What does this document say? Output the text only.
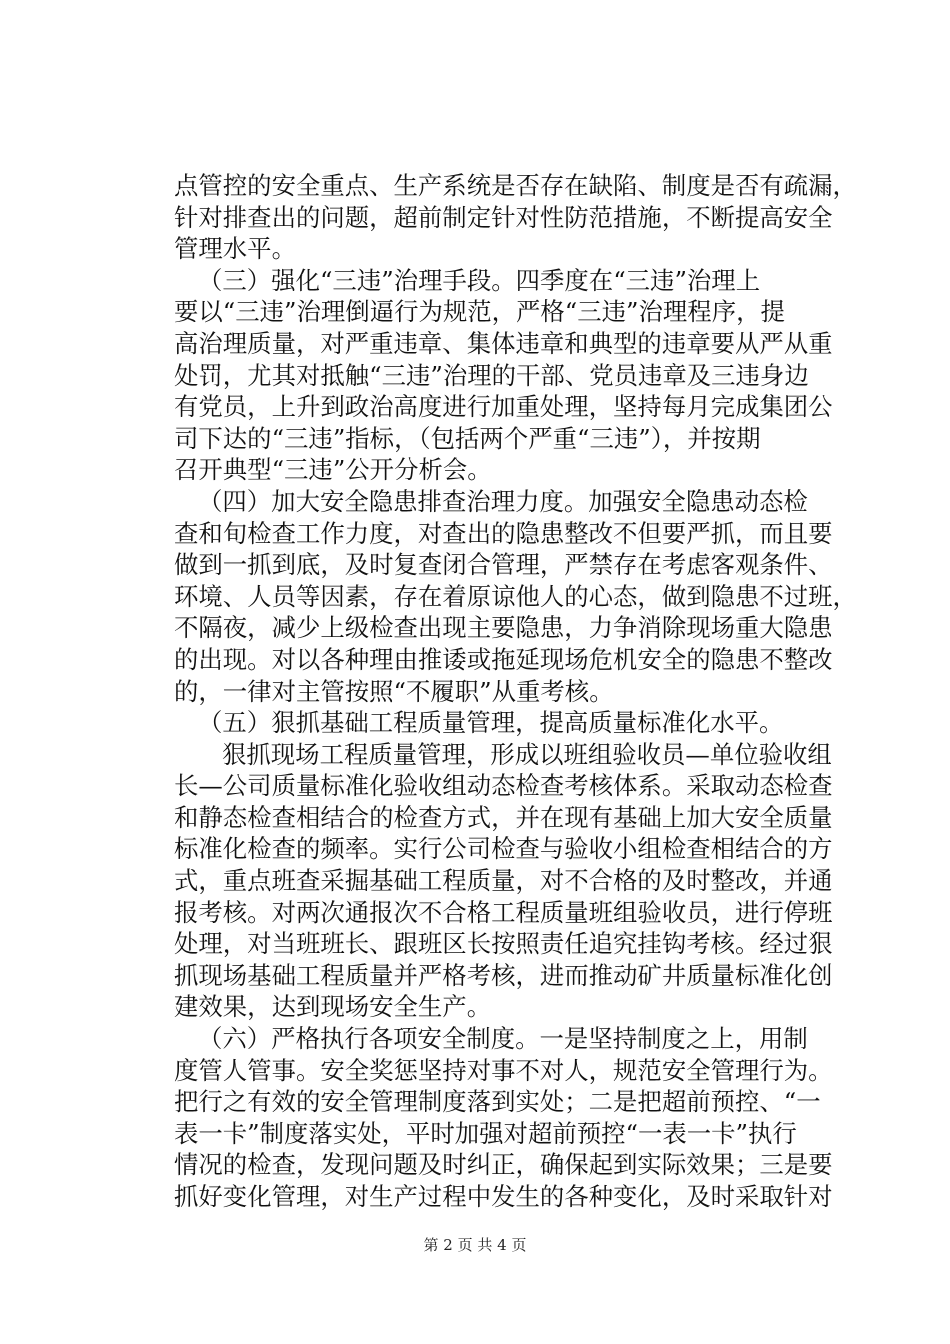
点管控的安全重点、生产系统是否存在缺陷、制度是否有疏漏，
针对排查出的问题，超前制定针对性防范措施，不断提高安全
管理水平。
（三）强化“三违”治理手段。四季度在“三违”治理上
要以“三违”治理倒逼行为规范，严格“三违”治理程序，提
高治理质量，对严重违章、集体违章和典型的违章要从严从重
处罚，尤其对抵触“三违”治理的干部、党员违章及三违身边
有党员，上升到政治高度进行加重处理，坚持每月完成集团公
司下达的“三违”指标，（包括两个严重“三违”），并按期
召开典型“三违”公开分析会。
（四）加大安全隐患排查治理力度。加强安全隐患动态检
查和旬检查工作力度，对查出的隐患整改不但要严抓，而且要
做到一抓到底，及时复查闭合管理，严禁存在考虑客观条件、
环境、人员等因素，存在着原谅他人的心态，做到隐患不过班，
不隔夜，减少上级检查出现主要隐患，力争消除现场重大隐患
的出现。对以各种理由推诿或拖延现场危机安全的隐患不整改
的，一律对主管按照“不履职”从重考核。
（五）狠抓基础工程质量管理，提高质量标准化水平。
狠抓现场工程质量管理，形成以班组验收员—单位验收组
长—公司质量标准化验收组动态检查考核体系。采取动态检查
和静态检查相结合的检查方式，并在现有基础上加大安全质量
标准化检查的频率。实行公司检查与验收小组检查相结合的方
式，重点班查采掘基础工程质量，对不合格的及时整改，并通
报考核。对两次通报次不合格工程质量班组验收员，进行停班
处理，对当班班长、跟班区长按照责任追究挂钩考核。经过狠
抓现场基础工程质量并严格考核，进而推动矿井质量标准化创
建效果，达到现场安全生产。
（六）严格执行各项安全制度。一是坚持制度之上，用制
度管人管事。安全奖惩坚持对事不对人，规范安全管理行为。
把行之有效的安全管理制度落到实处；二是把超前预控、“一
表一卡”制度落实处，平时加强对超前预控“一表一卡”执行
情况的检查，发现问题及时纠正，确保起到实际效果；三是要
抓好变化管理，对生产过程中发生的各种变化，及时采取针对
第 2 页 共 4 页
